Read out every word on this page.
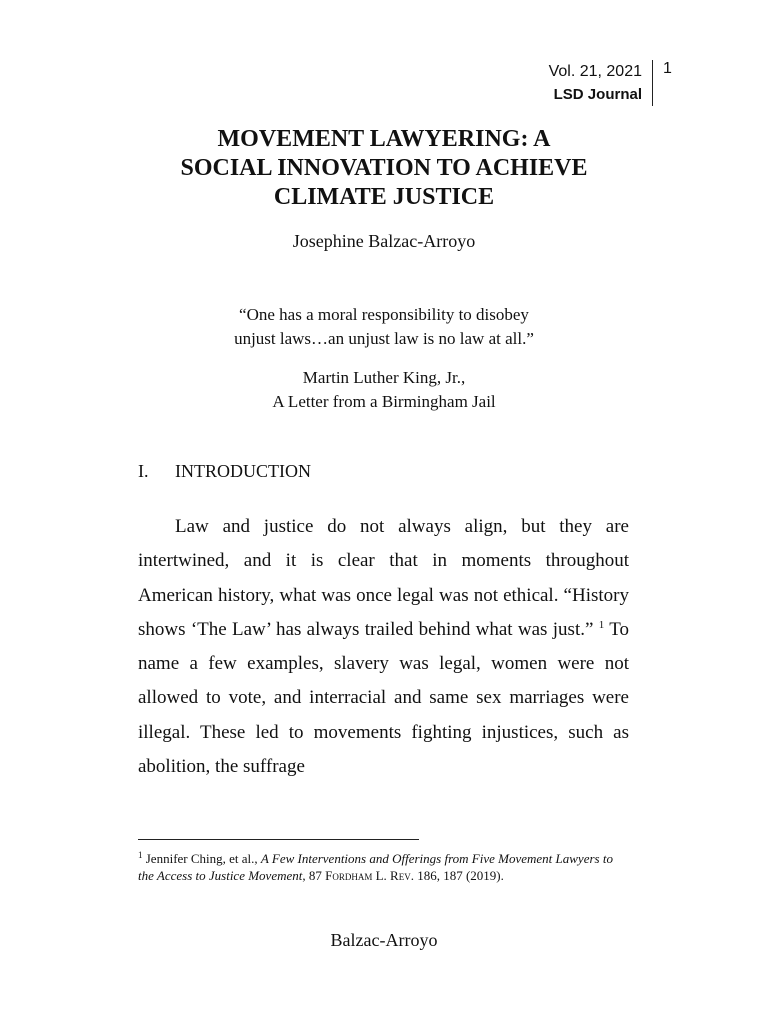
Vol. 21, 2021
LSD Journal
1
MOVEMENT LAWYERING: A
SOCIAL INNOVATION TO ACHIEVE
CLIMATE JUSTICE
Josephine Balzac-Arroyo
“One has a moral responsibility to disobey
unjust laws…an unjust law is no law at all.”
Martin Luther King, Jr.,
A Letter from a Birmingham Jail
I. INTRODUCTION

Law and justice do not always align, but they are intertwined, and it is clear that in moments throughout American history, what was once legal was not ethical. “History shows ‘The Law’ has always trailed behind what was just.” $^1$ To name a few examples, slavery was legal, women were not allowed to vote, and interracial and same sex marriages were illegal. These led to movements fighting injustices, such as abolition, the suffrage

$^1$ Jennifer Ching, et al., A Few Interventions and Offerings from Five Movement Lawyers to the Access to Justice Movement, 87 Fordham L. Rev. 186, 187 (2019).
Balzac-Arroyo
